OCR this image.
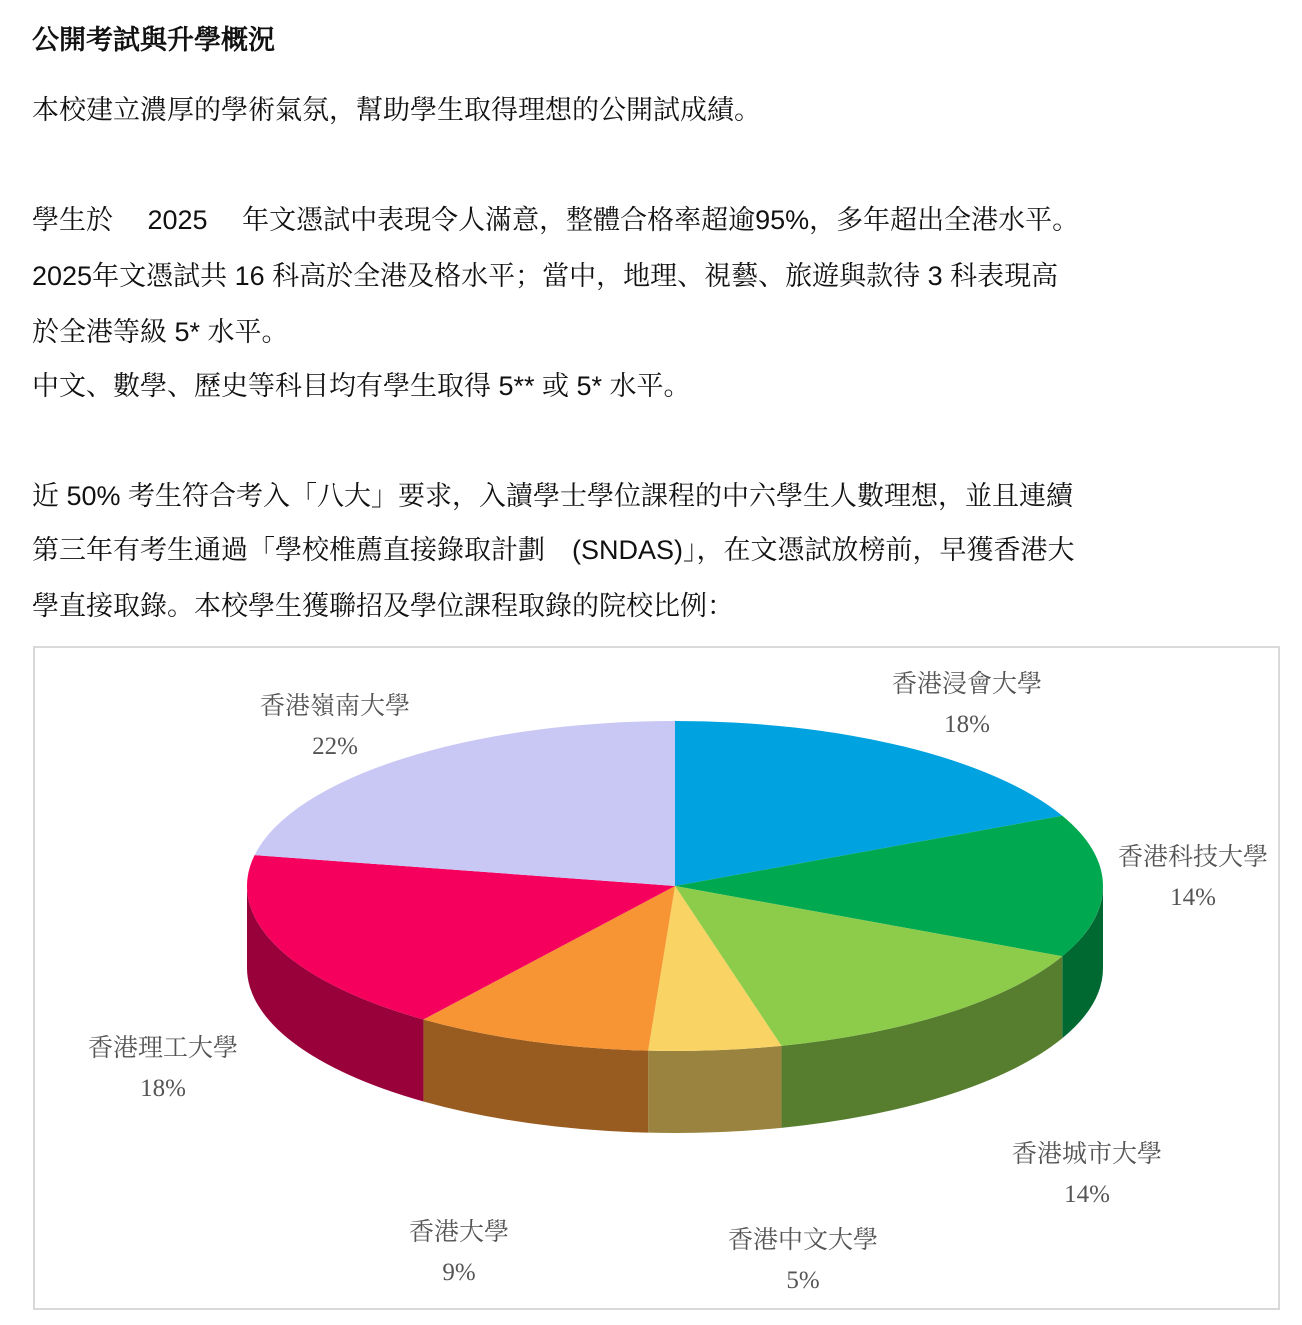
公開考試與升學概況
本校建立濃厚的學術氣氛，幫助學生取得理想的公開試成績。
學生於　 2025　 年文憑試中表現令人滿意，整體合格率超逾95%，多年超出全港水平。
2025年文憑試共 16 科高於全港及格水平；當中，地理、視藝、旅遊與款待 3 科表現高
於全港等級 5* 水平。
中文、數學、歷史等科目均有學生取得 5** 或 5* 水平。
近 50% 考生符合考入「八大」要求，入讀學士學位課程的中六學生人數理想，並且連續
第三年有考生通過「學校椎薦直接錄取計劃　(SNDAS)」，在文憑試放榜前，早獲香港大
學直接取錄。本校學生獲聯招及學位課程取錄的院校比例：
香港浸會大學
18%
香港科技大學
14%
香港城市大學
14%
香港中文大學
5%
香港大學
9%
香港理工大學
18%
香港嶺南大學
22%
